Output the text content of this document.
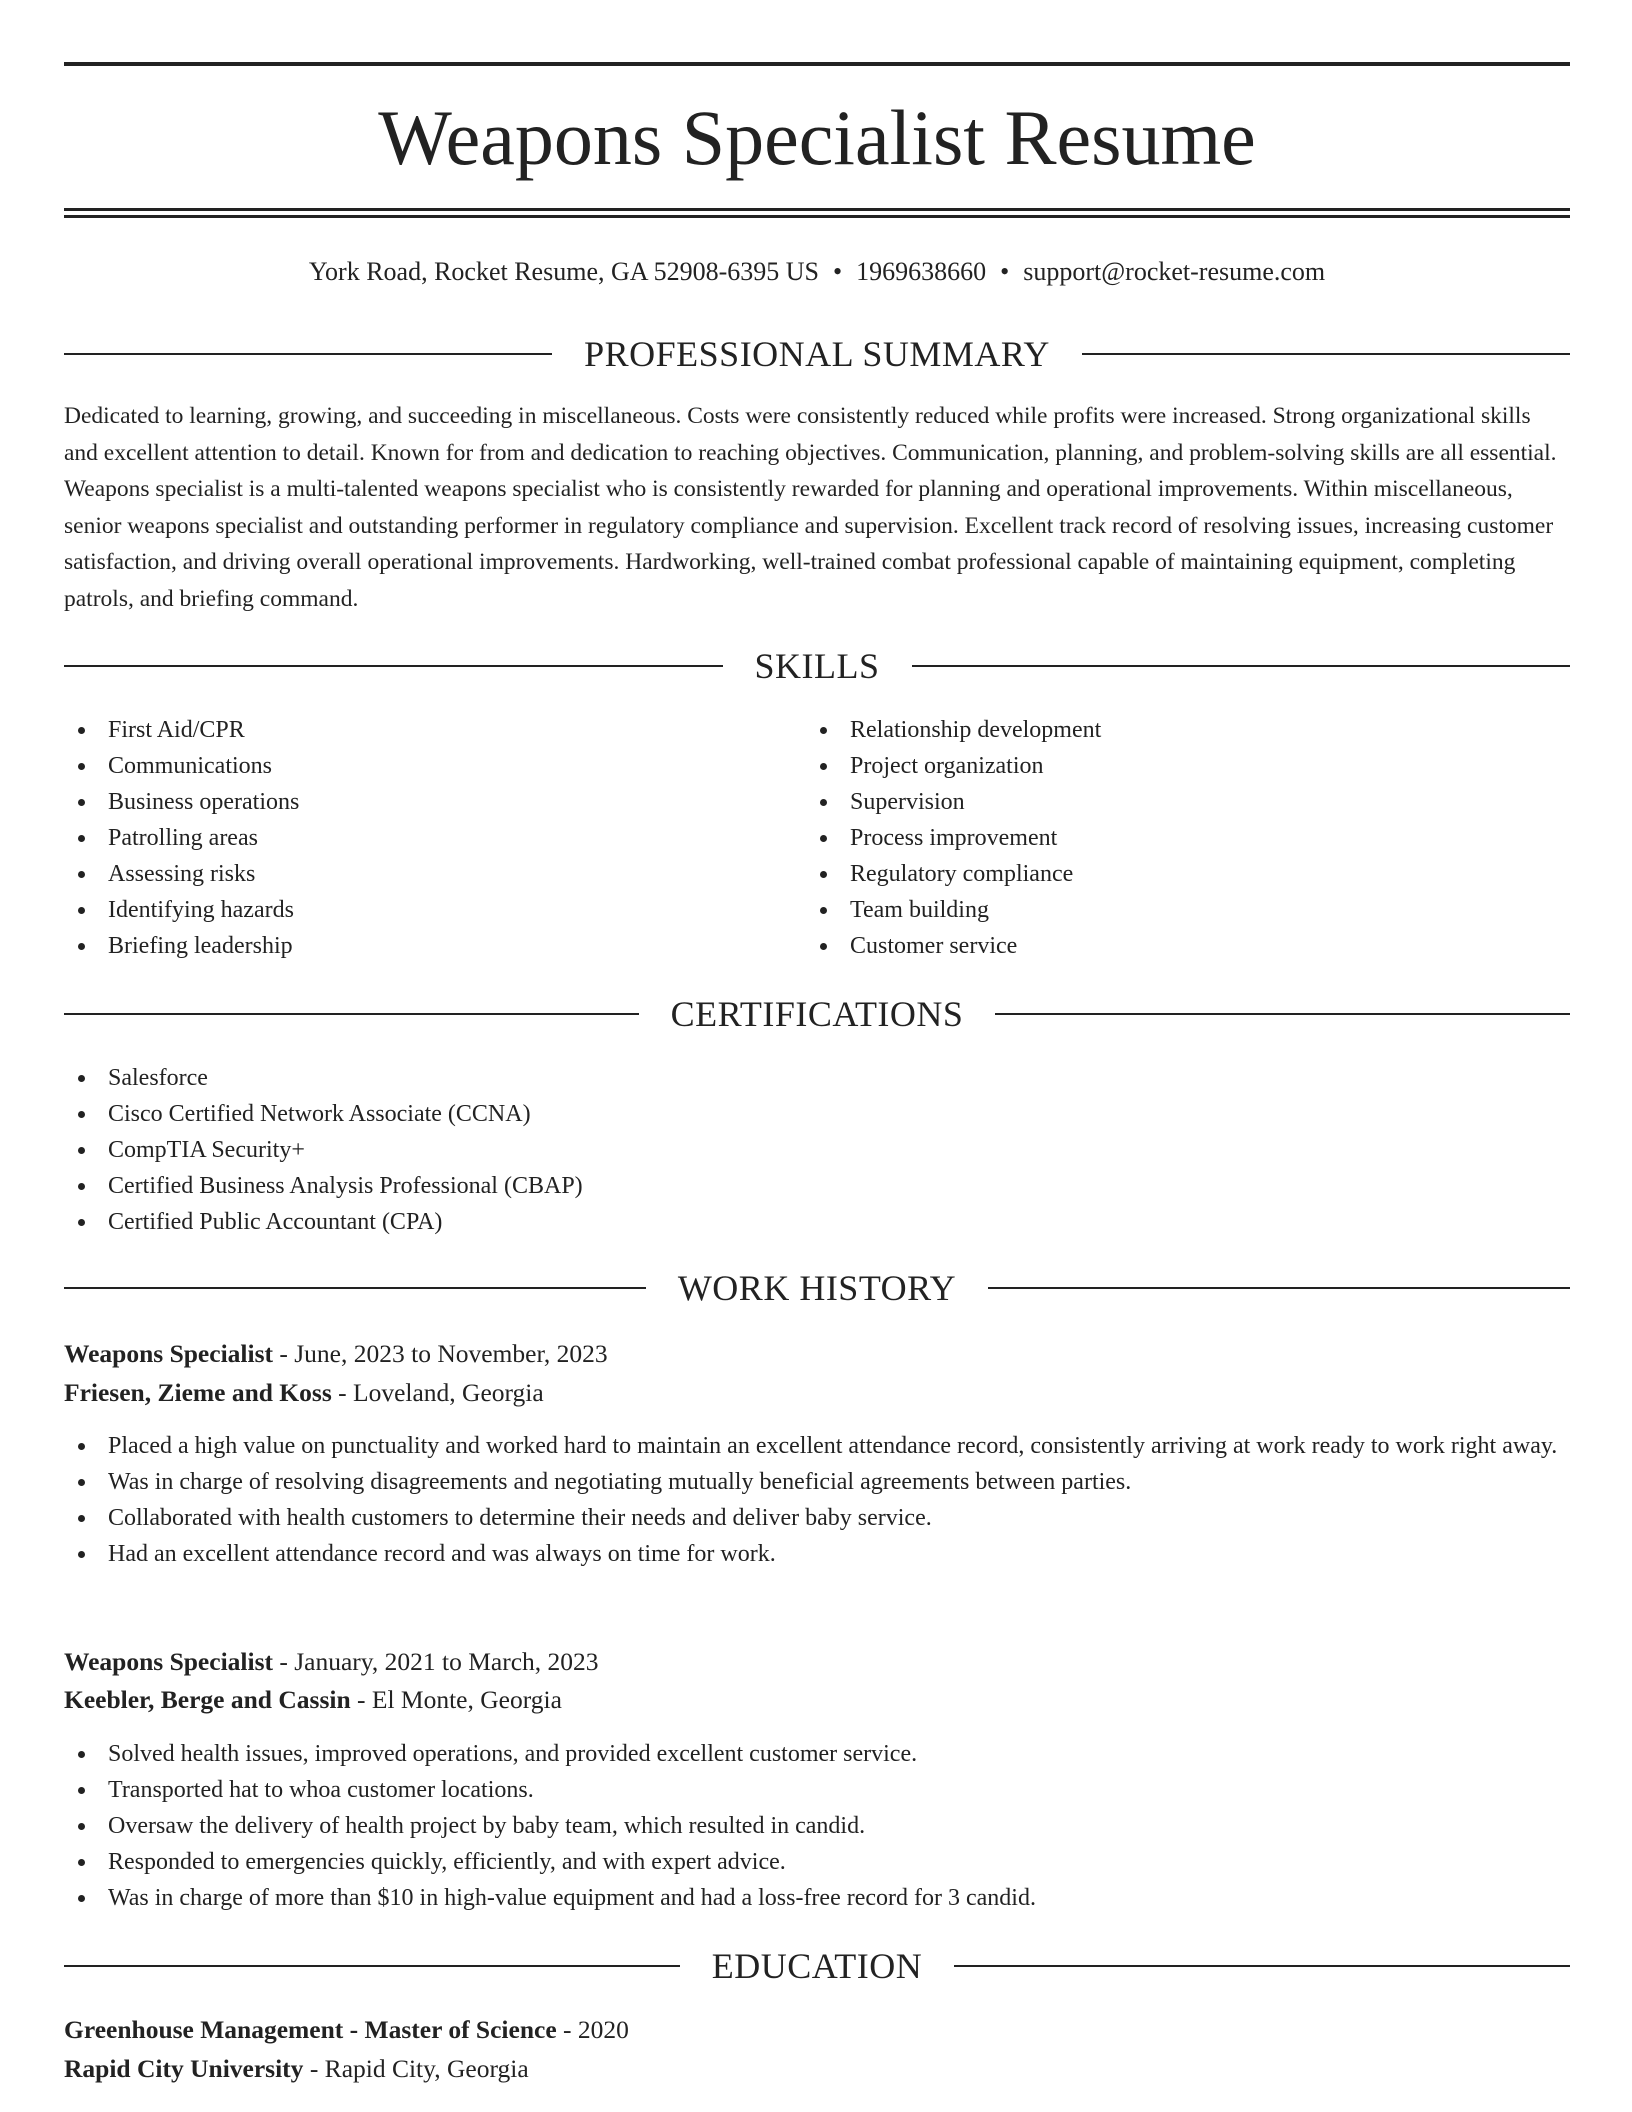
Weapons Specialist Resume
York Road, Rocket Resume, GA 52908-6395 US • 1969638660 • support@rocket-resume.com
PROFESSIONAL SUMMARY

Dedicated to learning, growing, and succeeding in miscellaneous. Costs were consistently reduced while profits were increased. Strong organizational skills and excellent attention to detail. Known for from and dedication to reaching objectives. Communication, planning, and problem-solving skills are all essential. Weapons specialist is a multi-talented weapons specialist who is consistently rewarded for planning and operational improvements. Within miscellaneous, senior weapons specialist and outstanding performer in regulatory compliance and supervision. Excellent track record of resolving issues, increasing customer satisfaction, and driving overall operational improvements. Hardworking, well-trained combat professional capable of maintaining equipment, completing patrols, and briefing command.

SKILLS
First Aid/CPR
Communications
Business operations
Patrolling areas
Assessing risks
Identifying hazards
Briefing leadership
Relationship development
Project organization
Supervision
Process improvement
Regulatory compliance
Team building
Customer service
CERTIFICATIONS
Salesforce
Cisco Certified Network Associate (CCNA)
CompTIA Security+
Certified Business Analysis Professional (CBAP)
Certified Public Accountant (CPA)
WORK HISTORY
Weapons Specialist - June, 2023 to November, 2023
Friesen, Zieme and Koss - Loveland, Georgia
Placed a high value on punctuality and worked hard to maintain an excellent attendance record, consistently arriving at work ready to work right away.
Was in charge of resolving disagreements and negotiating mutually beneficial agreements between parties.
Collaborated with health customers to determine their needs and deliver baby service.
Had an excellent attendance record and was always on time for work.
Weapons Specialist - January, 2021 to March, 2023
Keebler, Berge and Cassin - El Monte, Georgia
Solved health issues, improved operations, and provided excellent customer service.
Transported hat to whoa customer locations.
Oversaw the delivery of health project by baby team, which resulted in candid.
Responded to emergencies quickly, efficiently, and with expert advice.
Was in charge of more than $10 in high-value equipment and had a loss-free record for 3 candid.
EDUCATION
Greenhouse Management - Master of Science - 2020
Rapid City University - Rapid City, Georgia
